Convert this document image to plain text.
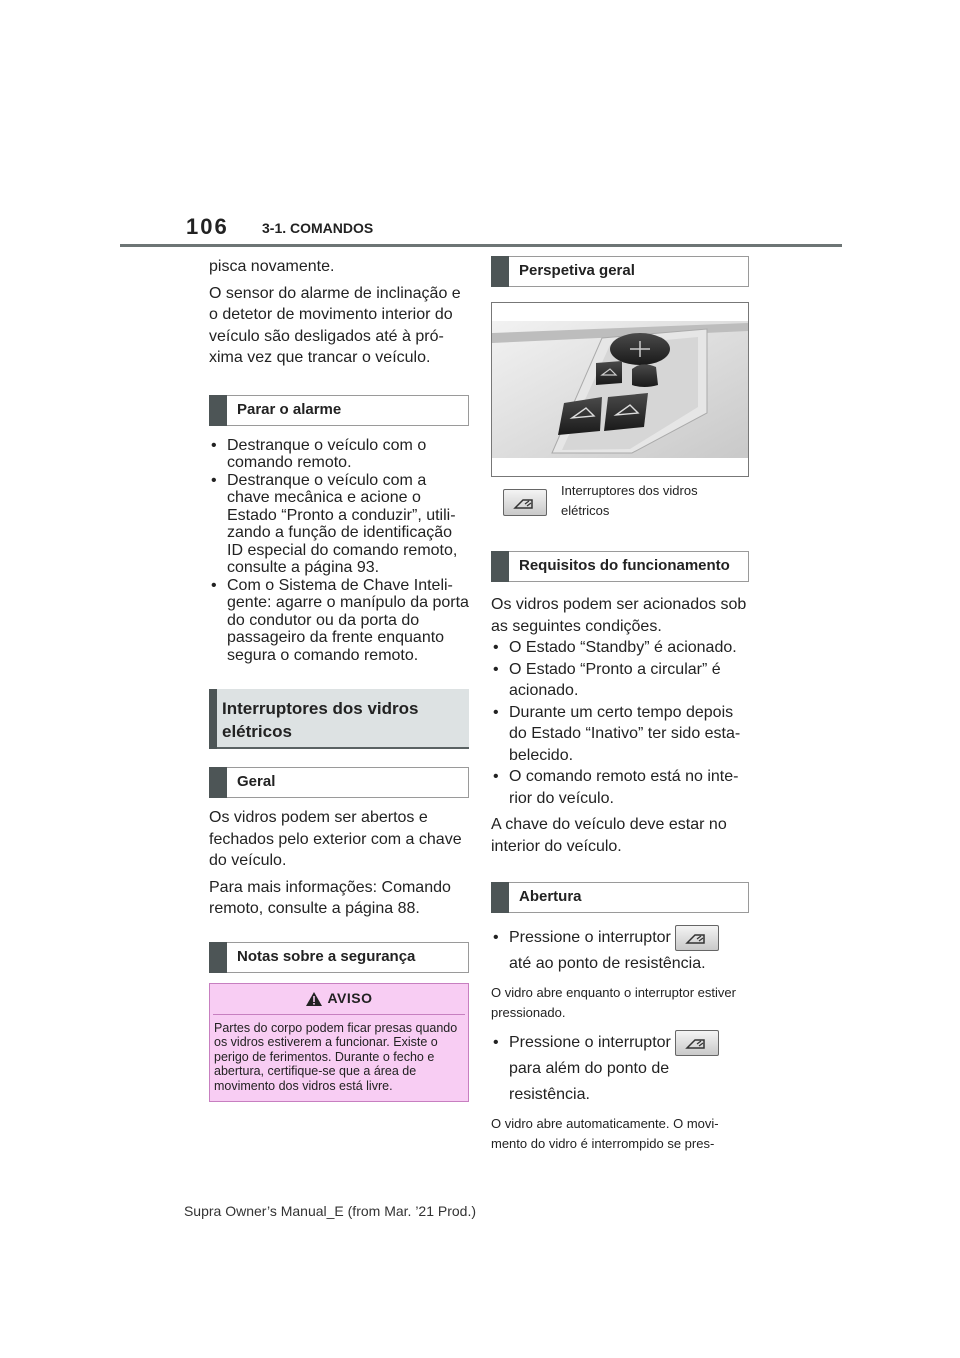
106 3-1. COMANDOS

pisca novamente.

O sensor do alarme de inclinação e o detetor de movimento interior do veículo são desligados até à pró- xima vez que trancar o veículo.

Parar o alarme
• Destranque o veículo com o comando remoto.
• Destranque o veículo com a chave mecânica e acione o Estado “Pronto a conduzir”, utili- zando a função de identificação ID especial do comando remoto, consulte a página 93.
• Com o Sistema de Chave Inteli- gente: agarre o manípulo da porta do condutor ou da porta do passageiro da frente enquanto segura o comando remoto.
Interruptores dos vidros
elétricos
Geral

Os vidros podem ser abertos e fechados pelo exterior com a chave do veículo.

Para mais informações: Comando remoto, consulte a página 88.

Notas sobre a segurança
AVISO
Partes do corpo podem ficar presas quando os vidros estiverem a funcionar. Existe o perigo de ferimentos. Durante o fecho e abertura, certifique-se que a área de movimento dos vidros está livre.
Perspetiva geral
Interruptores dos vidros elétricos
Requisitos do funcionamento

Os vidros podem ser acionados sob as seguintes condições.

• O Estado “Standby” é acionado.
• O Estado “Pronto a circular” é acionado.
• Durante um certo tempo depois do Estado “Inativo” ter sido esta- belecido.
• O comando remoto está no inte- rior do veículo.

A chave do veículo deve estar no interior do veículo.

Abertura
• Pressione o interruptor
até ao ponto de resistência.

O vidro abre enquanto o interruptor estiver pressionado.

• Pressione o interruptor
para além do ponto de resistência.

O vidro abre automaticamente. O movi- mento do vidro é interrompido se pres-

Supra Owner’s Manual_E (from Mar. ’21 Prod.)
